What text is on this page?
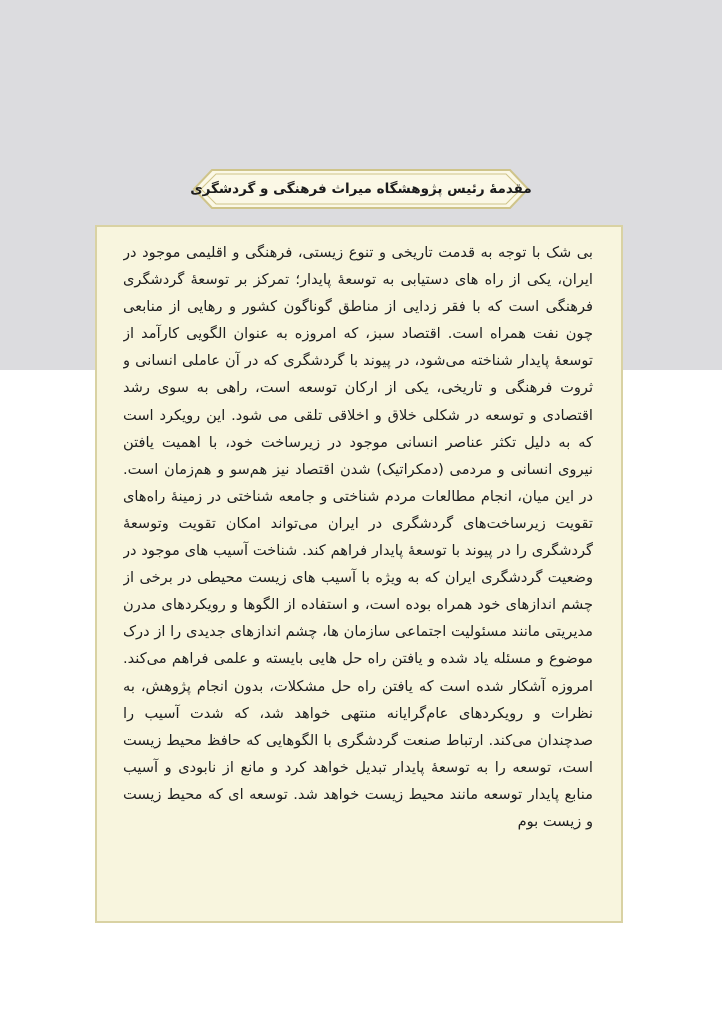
مقدمۀ رئیس پژوهشگاه میراث فرهنگی و گردشگری

بی شک با توجه به قدمت تاریخی و تنوع زیستی، فرهنگی و اقلیمی موجود در ایران، یکی از راه های دستیابی به توسعۀ پایدار؛ تمرکز بر توسعۀ گردشگری فرهنگی است که با فقر زدایی از مناطق گوناگون کشور و رهایی از منابعی چون نفت همراه است. اقتصاد سبز، که امروزه به عنوان الگویی کارآمد از توسعۀ پایدار شناخته می‌شود، در پیوند با گردشگری که در آن عاملی انسانی و ثروت فرهنگی و تاریخی، یکی از ارکان توسعه است، راهی به سوی رشد اقتصادی و توسعه در شکلی خلاق و اخلاقی تلقی می شود. این رویکرد است که به دلیل تکثر عناصر انسانی موجود در زیرساخت خود، با اهمیت یافتن نیروی انسانی و مردمی (دمکراتیک) شدن اقتصاد نیز هم‌سو و هم‌زمان است. در این میان، انجام مطالعات مردم شناختی و جامعه شناختی در زمینۀ راه‌های تقویت زیرساخت‌های گردشگری در ایران می‌تواند امکان تقویت وتوسعۀ گردشگری را در پیوند با توسعۀ پایدار فراهم کند. شناخت آسیب های موجود در وضعیت گردشگری ایران که به ویژه با آسیب های زیست محیطی در برخی از چشم اندازهای خود همراه بوده است، و استفاده از الگوها و رویکردهای مدرن مدیریتی مانند مسئولیت اجتماعی سازمان ها، چشم اندازهای جدیدی را از درک موضوع و مسئله یاد شده و یافتن راه حل هایی بایسته و علمی فراهم می‌کند. امروزه آشکار شده است که یافتن راه حل مشکلات، بدون انجام پژوهش، به نظرات و رویکردهای عام‌گرایانه منتهی خواهد شد، که شدت آسیب را صدچندان می‌کند. ارتباط صنعت گردشگری با الگوهایی که حافظ محیط زیست است، توسعه را به توسعۀ پایدار تبدیل خواهد کرد و مانع از نابودی و آسیب منابع پایدار توسعه مانند محیط زیست خواهد شد. توسعه ای که محیط زیست و زیست بوم
